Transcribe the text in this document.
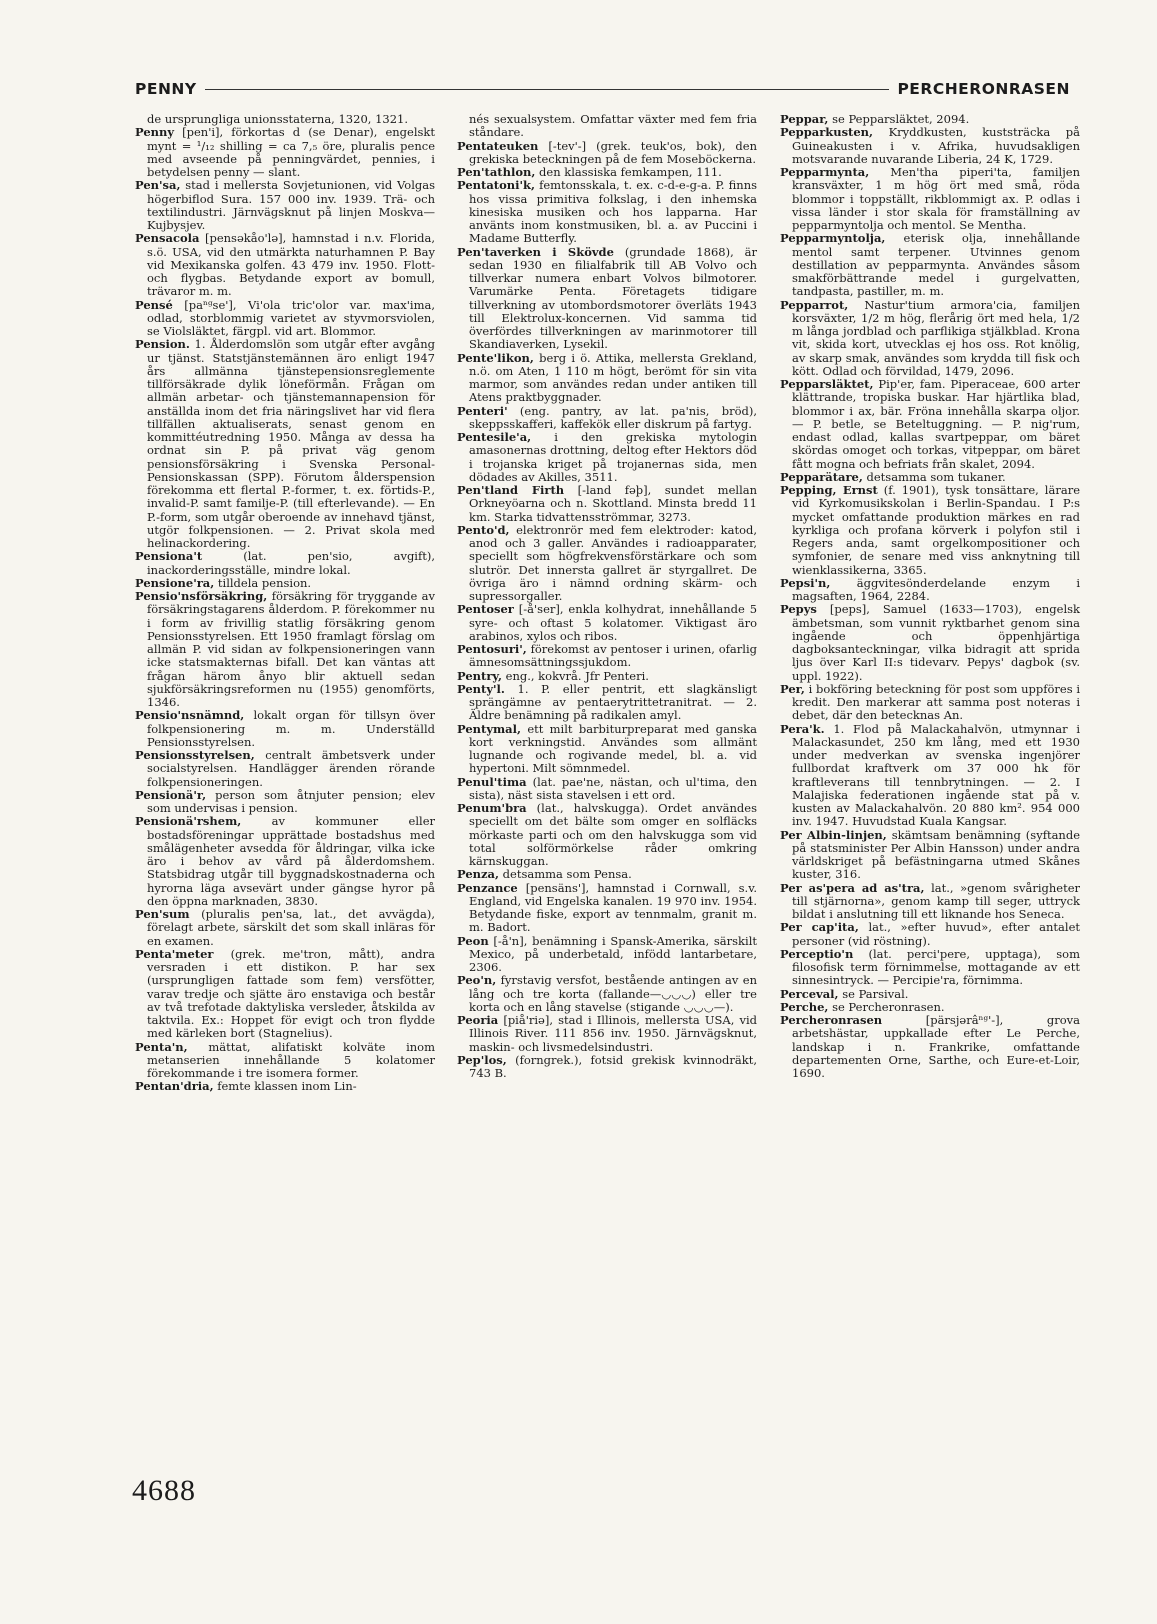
PENNY	PERCHERONRASEN

de ursprungliga unionsstaterna, 1320, 1321.

Penny [pen'i], förkortas d (se Denar), engelskt mynt = ¹/₁₂ shilling = ca 7,₅ öre, pluralis pence med avseende på penningvärdet, pennies, i betydelsen penny — slant.

Pen'sa, stad i mellersta Sovjetunionen, vid Volgas högerbiflod Sura. 157 000 inv. 1939. Trä- och textilindustri. Järnvägsknut på linjen Moskva—Kujbysjev.

Pensacola [pensəkåo'lə], hamnstad i n.v. Florida, s.ö. USA, vid den utmärkta naturhamnen P. Bay vid Mexikanska golfen. 43 479 inv. 1950. Flott- och flygbas. Betydande export av bomull, trävaror m. m.

Pensé [paⁿᵍse'], Vi'ola tric'olor var. max'ima, odlad, storblommig varietet av styvmorsviolen, se Violsläktet, färgpl. vid art. Blommor.

Pension. 1. Ålderdomslön som utgår efter avgång ur tjänst. Statstjänstemännen äro enligt 1947 års allmänna tjänstepensionsreglemente tillförsäkrade dylik löneförmån. Frågan om allmän arbetar- och tjänstemannapension för anställda inom det fria näringslivet har vid flera tillfällen aktualiserats, senast genom en kommittéutredning 1950. Många av dessa ha ordnat sin P. på privat väg genom pensionsförsäkring i Svenska Personal-Pensionskassan (SPP). Förutom ålderspension förekomma ett flertal P.-former, t. ex. förtids-P., invalid-P. samt familje-P. (till efterlevande). — En P.-form, som utgår oberoende av innehavd tjänst, utgör folkpensionen. — 2. Privat skola med helinackordering.

Pensiona't	(lat. pen'sio, avgift), inackorderingsställe, mindre lokal.

Pensione'ra, tilldela pension.

Pensio'nsförsäkring, försäkring för tryggande av försäkringstagarens ålderdom. P. förekommer nu i form av frivillig statlig försäkring genom Pensionsstyrelsen. Ett 1950 framlagt förslag om allmän P. vid sidan av folkpensioneringen vann icke statsmakternas bifall. Det kan väntas att frågan härom ånyo blir aktuell sedan sjukförsäkringsreformen nu (1955) genomförts, 1346.

Pensio'nsnämnd, lokalt organ för tillsyn över folkpensionering m. m. Underställd Pensionsstyrelsen.

Pensionsstyrelsen, centralt ämbetsverk under socialstyrelsen. Handlägger ärenden rörande folkpensioneringen.

Pensionä'r, person som åtnjuter pension; elev som undervisas i pension.

Pensionä'rshem,	av kommuner eller bostadsföreningar upprättade bostadshus med smålägenheter avsedda för åldringar, vilka icke äro i behov av vård på ålderdomshem. Statsbidrag utgår till byggnadskostnaderna och hyrorna läga avsevärt under gängse hyror på den öppna marknaden, 3830.

Pen'sum (pluralis pen'sa, lat., det avvägda), förelagt arbete, särskilt det som skall inläras för en examen.

Penta'meter (grek. me'tron, mått), andra versraden i ett distikon. P. har sex (ursprungligen fattade som fem) versfötter, varav tredje och sjätte äro enstaviga och består av två trefotade daktyliska versleder, åtskilda av taktvila. Ex.: Hoppet för evigt och tron flydde med kärleken bort (Stagnelius).

Penta'n, mättat, alifatiskt kolväte inom metanserien innehållande 5 kolatomer förekommande i tre isomera former.

Pentan'dria, femte klassen inom Lin-

nés sexualsystem. Omfattar växter med fem fria ståndare.

Pentateuken [-tev'-] (grek. teuk'os, bok), den grekiska beteckningen på de fem Moseböckerna.

Pen'tathlon, den klassiska femkampen, 111.

Pentatoni'k, femtonsskala, t. ex. c-d-e-g-a. P. finns hos vissa primitiva folkslag, i den inhemska kinesiska musiken och hos lapparna. Har använts inom konstmusiken, bl. a. av Puccini i Madame Butterfly.

Pen'taverken i Skövde (grundade 1868), är sedan 1930 en filialfabrik till AB Volvo och tillverkar numera enbart Volvos bilmotorer. Varumärke Penta. Företagets tidigare tillverkning av utombordsmotorer överläts 1943 till Elektrolux-koncernen. Vid samma tid överfördes tillverkningen av marinmotorer till Skandiaverken, Lysekil.

Pente'likon, berg i ö. Attika, mellersta Grekland, n.ö. om Aten, 1 110 m högt, berömt för sin vita marmor, som användes redan under antiken till Atens praktbyggnader.

Penteri' (eng. pantry, av lat. pa'nis, bröd), skeppsskafferi, kaffekök eller diskrum på fartyg.

Pentesile'a, i den grekiska mytologin amasonernas drottning, deltog efter Hektors död i trojanska kriget på trojanernas sida, men dödades av Akilles, 3511.

Pen'tland Firth [-land fəþ], sundet mellan Orkneyöarna och n. Skottland. Minsta bredd 11 km. Starka tidvattensströmmar, 3273.

Pento'd, elektronrör med fem elektroder: katod, anod och 3 galler. Användes i radioapparater, speciellt som högfrekvensförstärkare och som slutrör. Det innersta gallret är styrgallret. De övriga äro i nämnd ordning skärm- och supressorgaller.

Pentoser [-å'ser], enkla kolhydrat, innehållande 5 syre- och oftast 5 kolatomer. Viktigast äro arabinos, xylos och ribos.

Pentosuri', förekomst av pentoser i urinen, ofarlig ämnesomsättningssjukdom.

Pentry, eng., kokvrå. Jfr Penteri.

Penty'l. 1. P. eller pentrit, ett slagkänsligt sprängämne av pentaerytrittetranitrat. — 2. Äldre benämning på radikalen amyl.

Pentymal, ett milt barbiturpreparat med ganska kort verkningstid. Användes som allmänt lugnande och rogivande medel, bl. a. vid hypertoni. Milt sömnmedel.

Penul'tima (lat. pae'ne, nästan, och ul'tima, den sista), näst sista stavelsen i ett ord.

Penum'bra (lat., halvskugga). Ordet användes speciellt om det bälte som omger en solfläcks mörkaste parti och om den halvskugga som vid total solförmörkelse råder omkring kärnskuggan.

Penza, detsamma som Pensa.

Penzance [pensäns'], hamnstad i Cornwall, s.v. England, vid Engelska kanalen. 19 970 inv. 1954. Betydande fiske, export av tennmalm, granit m. m. Badort.

Peon [-å'n], benämning i Spansk-Amerika, särskilt Mexico, på underbetald, infödd lantarbetare, 2306.

Peo'n, fyrstavig versfot, bestående antingen av en lång och tre korta (fallande—◡◡◡) eller tre korta och en lång stavelse (stigande ◡◡◡—).

Peoria [piå'riə], stad i Illinois, mellersta USA, vid Illinois River. 111 856 inv. 1950. Järnvägsknut, maskin- och livsmedelsindustri.

Pep'los, (forngrek.), fotsid grekisk kvinnodräkt, 743 B.

Peppar, se Pepparsläktet, 2094.

Pepparkusten, Kryddkusten, kuststräcka på Guineakusten i v. Afrika, huvudsakligen motsvarande nuvarande Liberia, 24 K, 1729.

Pepparmynta, Men'tha piperi'ta, familjen kransväxter, 1 m hög ört med små, röda blommor i toppställt, rikblommigt ax. P. odlas i vissa länder i stor skala för framställning av pepparmyntolja och mentol. Se Mentha.

Pepparmyntolja, eterisk olja, innehållande mentol samt terpener. Utvinnes genom destillation av pepparmynta. Användes såsom smakförbättrande medel i gurgelvatten, tandpasta, pastiller, m. m.

Pepparrot, Nastur'tium armora'cia, familjen korsväxter, 1/2 m hög, flerårig ört med hela, 1/2 m långa jordblad och parflikiga stjälkblad. Krona vit, skida kort, utvecklas ej hos oss. Rot knölig, av skarp smak, användes som krydda till fisk och kött. Odlad och förvildad, 1479, 2096.

Pepparsläktet, Pip'er, fam. Piperaceae, 600 arter klättrande, tropiska buskar. Har hjärtlika blad, blommor i ax, bär. Fröna innehålla skarpa oljor. — P. betle, se Beteltuggning. — P. nig'rum, endast odlad, kallas svartpeppar, om bäret skördas omoget och torkas, vitpeppar, om bäret fått mogna och befriats från skalet, 2094.

Pepparätare, detsamma som tukaner.

Pepping, Ernst (f. 1901), tysk tonsättare, lärare vid Kyrkomusikskolan i Berlin-Spandau. I P:s mycket omfattande produktion märkes en rad kyrkliga och profana körverk i polyfon stil i Regers anda, samt orgelkompositioner och symfonier, de senare med viss anknytning till wienklassikerna, 3365.

Pepsi'n, äggvitesönderdelande enzym i magsaften, 1964, 2284.

Pepys [peps], Samuel (1633—1703), engelsk ämbetsman, som vunnit ryktbarhet genom sina ingående och öppenhjärtiga dagboksanteckningar, vilka bidragit att sprida ljus över Karl II:s tidevarv. Pepys' dagbok (sv. uppl. 1922).

Per, i bokföring beteckning för post som uppföres i kredit. Den markerar att samma post noteras i debet, där den betecknas An.

Pera'k. 1. Flod på Malackahalvön, utmynnar i Malackasundet, 250 km lång, med ett 1930 under medverkan av svenska ingenjörer fullbordat kraftverk om 37 000 hk för kraftleverans till tennbrytningen. — 2. I Malajiska federationen ingående stat på v. kusten av Malackahalvön. 20 880 km². 954 000 inv. 1947. Huvudstad Kuala Kangsar.

Per Albin-linjen, skämtsam benämning (syftande på statsminister Per Albin Hansson) under andra världskriget på befästningarna utmed Skånes kuster, 316.

Per as'pera ad as'tra, lat., »genom svårigheter till stjärnorna», genom kamp till seger, uttryck bildat i anslutning till ett liknande hos Seneca.

Per cap'ita, lat., »efter huvud», efter antalet personer (vid röstning).

Perceptio'n (lat. perci'pere, upptaga), som filosofisk term förnimmelse, mottagande av ett sinnesintryck. — Percipie'ra, förnimma.

Perceval, se Parsival.

Perche, se Percheronrasen.

Percheronrasen	[pärsjərâⁿᵍ'-], grova arbetshästar, uppkallade efter Le Perche, landskap i n. Frankrike, omfattande departementen Orne, Sarthe, och Eure-et-Loir, 1690.

4688
